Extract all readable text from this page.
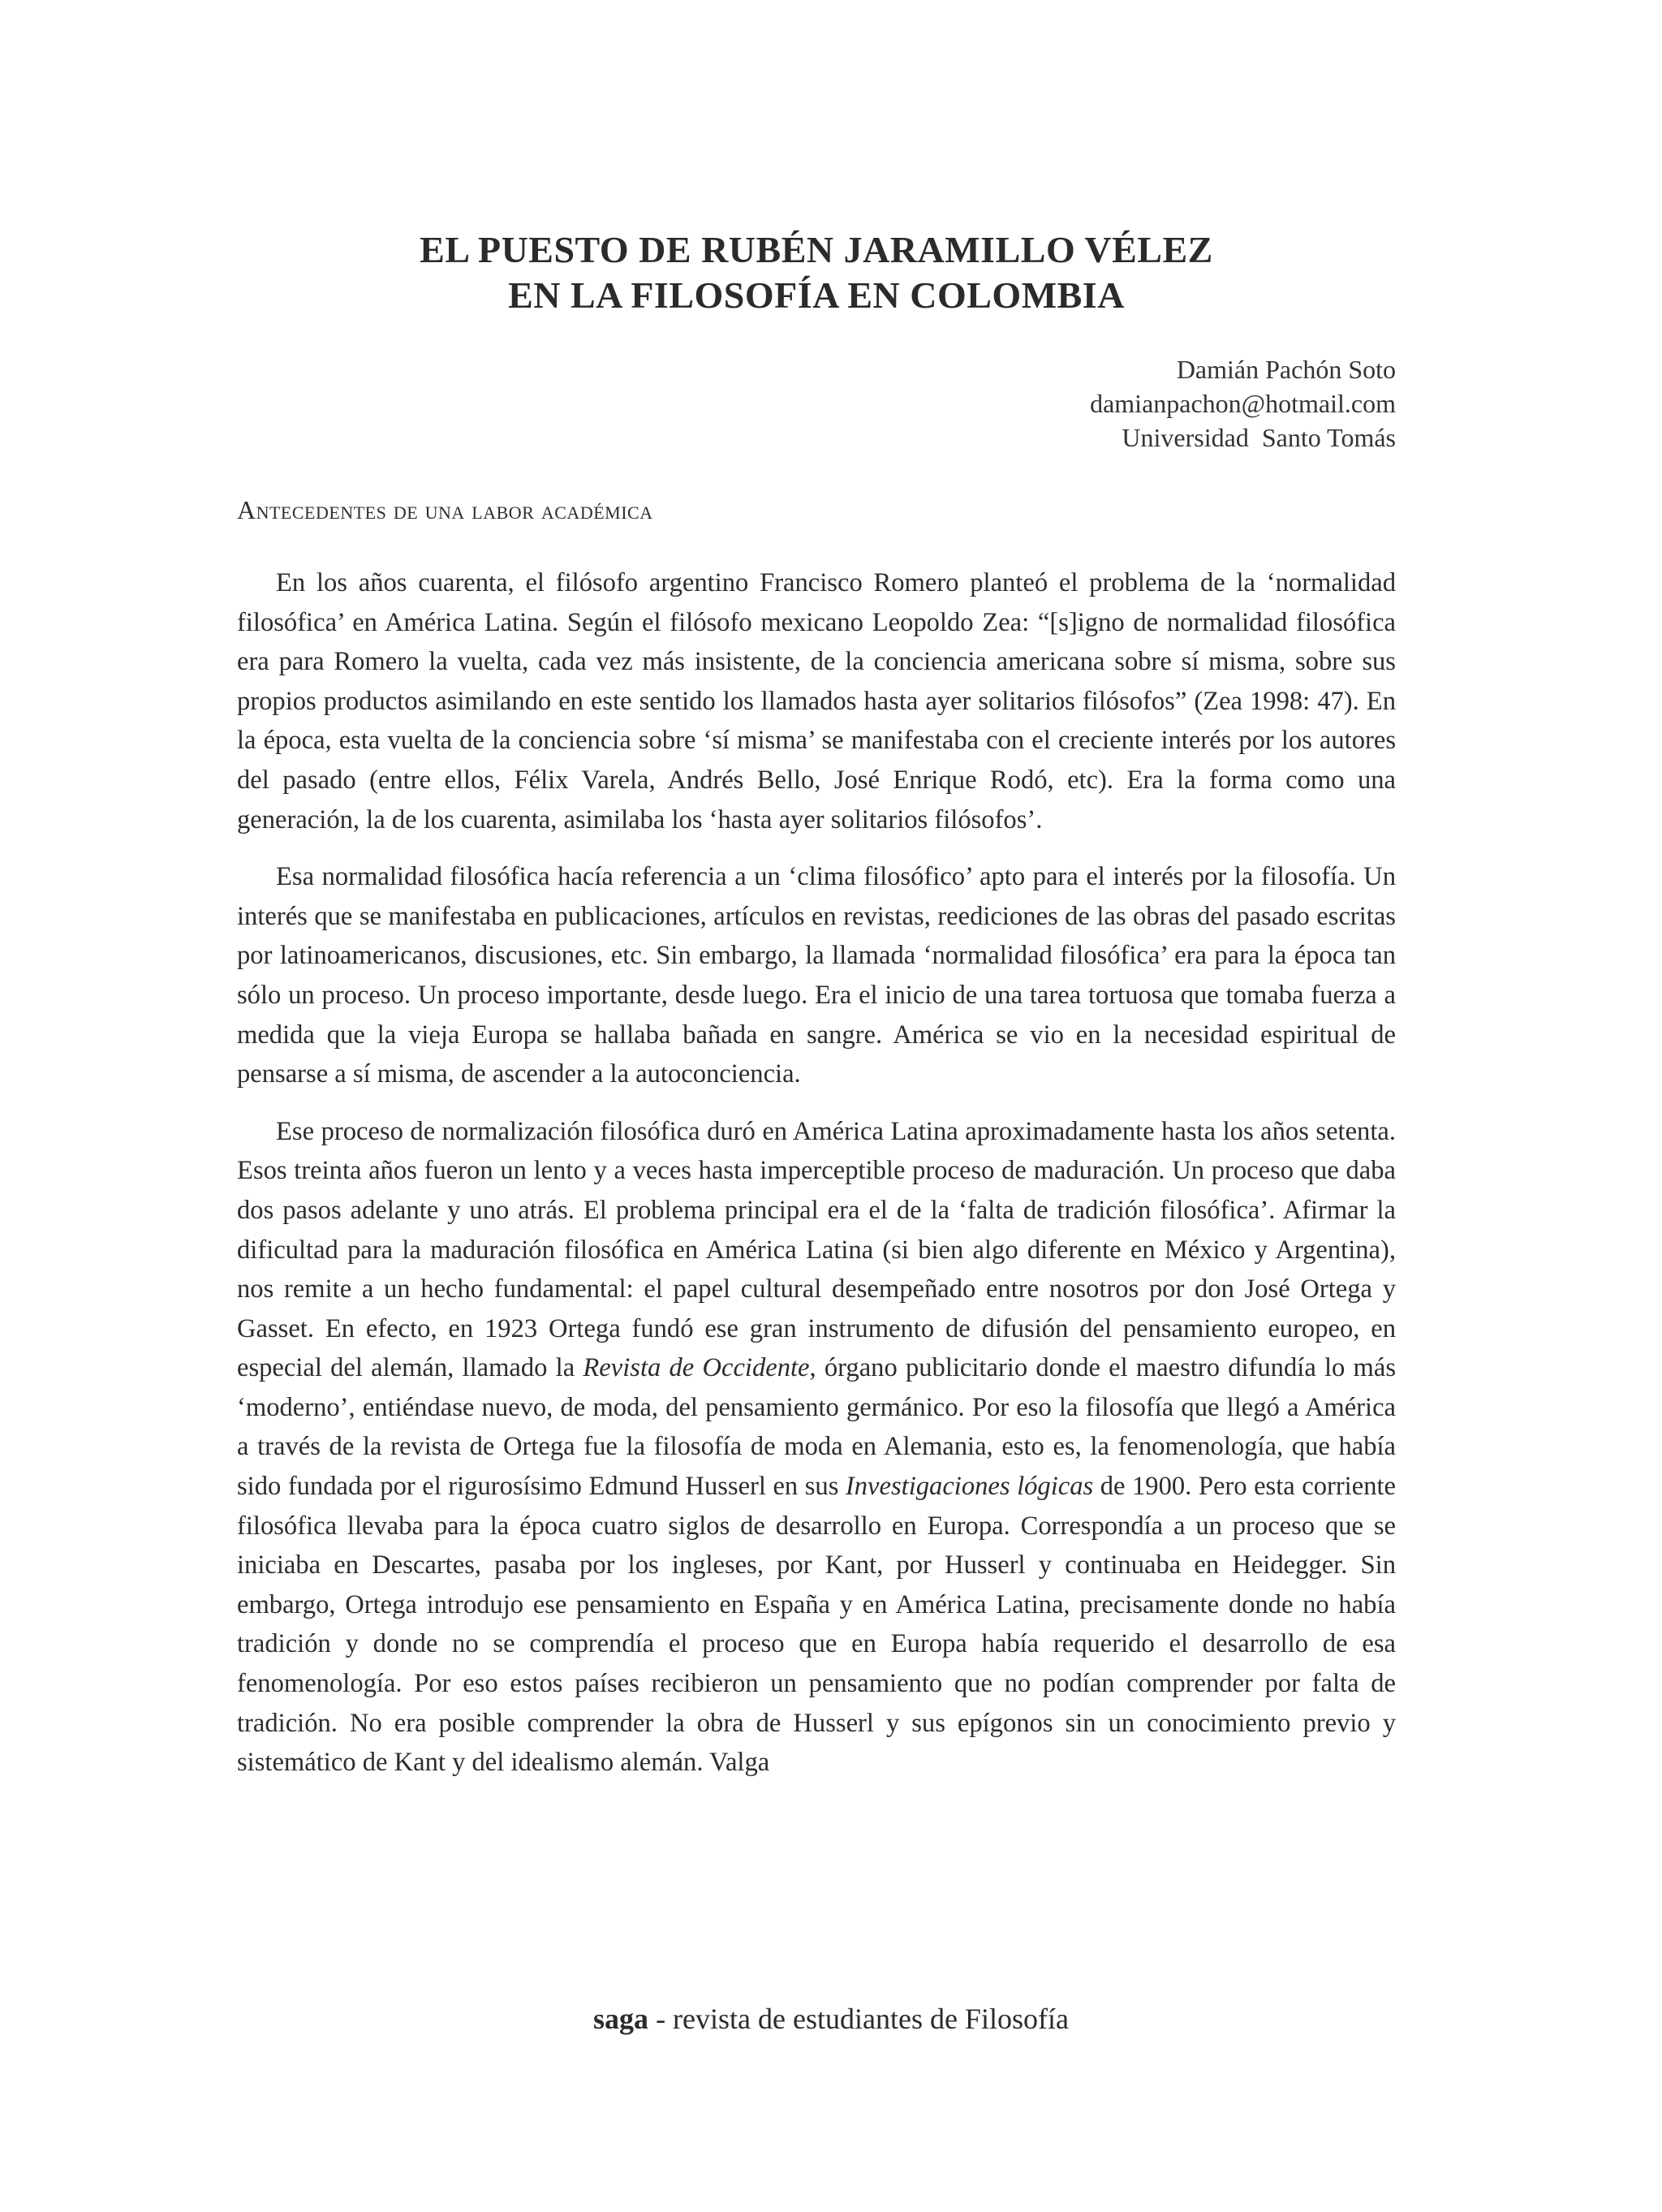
EL PUESTO DE RUBÉN JARAMILLO VÉLEZ
EN LA FILOSOFÍA EN COLOMBIA
Damián Pachón Soto
damianpachon@hotmail.com
Universidad  Santo Tomás
Antecedentes de una labor académica

En los años cuarenta, el filósofo argentino Francisco Romero planteó el problema de la ‘normalidad filosófica’ en América Latina. Según el filósofo mexicano Leopoldo Zea: “[s]igno de normalidad filosófica era para Romero la vuelta, cada vez más insistente, de la conciencia americana sobre sí misma, sobre sus propios productos asimilando en este sentido los llamados hasta ayer solitarios filósofos” (Zea 1998: 47). En la época, esta vuelta de la conciencia sobre ‘sí misma’ se manifestaba con el creciente interés por los autores del pasado (entre ellos, Félix Varela, Andrés Bello, José Enrique Rodó, etc). Era la forma como una generación, la de los cuarenta, asimilaba los ‘hasta ayer solitarios filósofos’.

Esa normalidad filosófica hacía referencia a un ‘clima filosófico’ apto para el interés por la filosofía. Un interés que se manifestaba en publicaciones, artículos en revistas, reediciones de las obras del pasado escritas por latinoamericanos, discusiones, etc. Sin embargo, la llamada ‘normalidad filosófica’ era para la época tan sólo un proceso. Un proceso importante, desde luego. Era el inicio de una tarea tortuosa que tomaba fuerza a medida que la vieja Europa se hallaba bañada en sangre. América se vio en la necesidad espiritual de pensarse a sí misma, de ascender a la autoconciencia.

Ese proceso de normalización filosófica duró en América Latina aproximadamente hasta los años setenta. Esos treinta años fueron un lento y a veces hasta imperceptible proceso de maduración. Un proceso que daba dos pasos adelante y uno atrás. El problema principal era el de la ‘falta de tradición filosófica’. Afirmar la dificultad para la maduración filosófica en América Latina (si bien algo diferente en México y Argentina), nos remite a un hecho fundamental: el papel cultural desempeñado entre nosotros por don José Ortega y Gasset. En efecto, en 1923 Ortega fundó ese gran instrumento de difusión del pensamiento europeo, en especial del alemán, llamado la Revista de Occidente, órgano publicitario donde el maestro difundía lo más ‘moderno’, entiéndase nuevo, de moda, del pensamiento germánico. Por eso la filosofía que llegó a América a través de la revista de Ortega fue la filosofía de moda en Alemania, esto es, la fenomenología, que había sido fundada por el rigurosísimo Edmund Husserl en sus Investigaciones lógicas de 1900. Pero esta corriente filosófica llevaba para la época cuatro siglos de desarrollo en Europa. Correspondía a un proceso que se iniciaba en Descartes, pasaba por los ingleses, por Kant, por Husserl y continuaba en Heidegger. Sin embargo, Ortega introdujo ese pensamiento en España y en América Latina, precisamente donde no había tradición y donde no se comprendía el proceso que en Europa había requerido el desarrollo de esa fenomenología. Por eso estos países recibieron un pensamiento que no podían comprender por falta de tradición. No era posible comprender la obra de Husserl y sus epígonos sin un conocimiento previo y sistemático de Kant y del idealismo alemán. Valga

saga - revista de estudiantes de Filosofía
